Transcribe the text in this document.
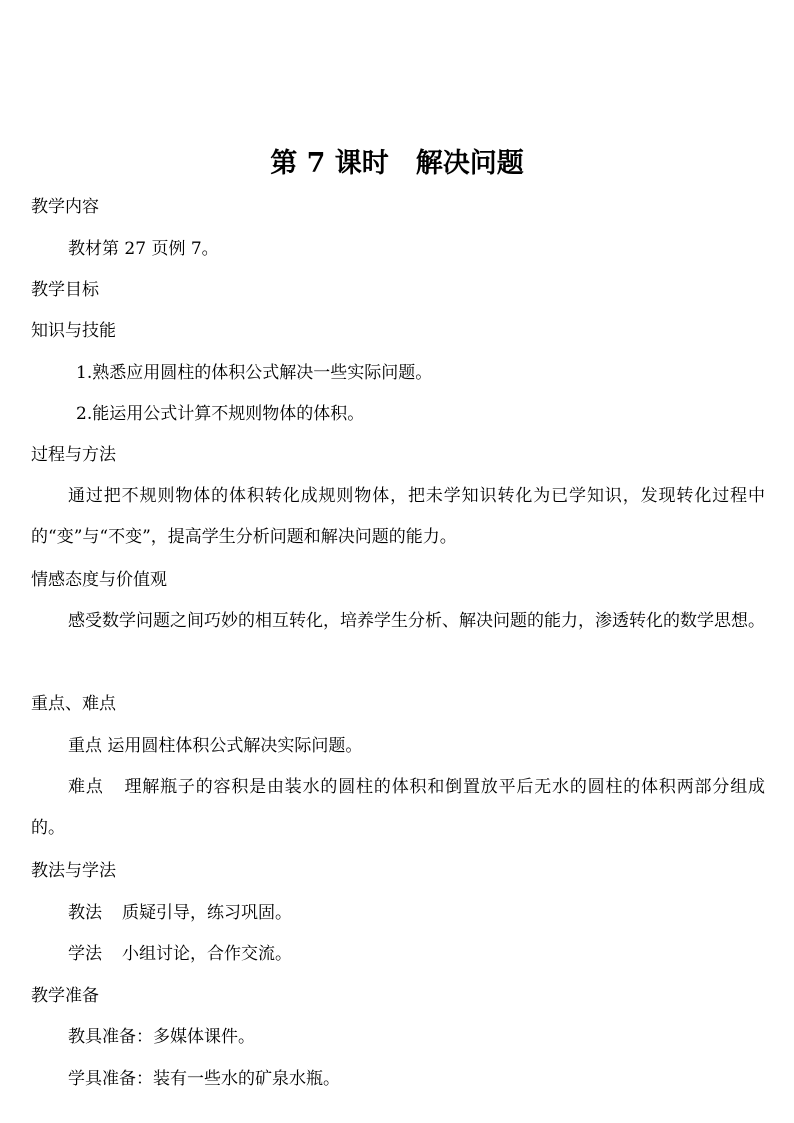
第 7 课时　解决问题
教学内容
教材第 27 页例 7。
教学目标
知识与技能
1.熟悉应用圆柱的体积公式解决一些实际问题。
2.能运用公式计算不规则物体的体积。
过程与方法
通过把不规则物体的体积转化成规则物体，把未学知识转化为已学知识，发现转化过程中的“变”与“不变”，提高学生分析问题和解决问题的能力。
情感态度与价值观
感受数学问题之间巧妙的相互转化，培养学生分析、解决问题的能力，渗透转化的数学思想。
重点、难点
重点 运用圆柱体积公式解决实际问题。
难点 理解瓶子的容积是由装水的圆柱的体积和倒置放平后无水的圆柱的体积两部分组成的。
教法与学法
教法 质疑引导，练习巩固。
学法 小组讨论，合作交流。
教学准备
教具准备：多媒体课件。
学具准备：装有一些水的矿泉水瓶。
